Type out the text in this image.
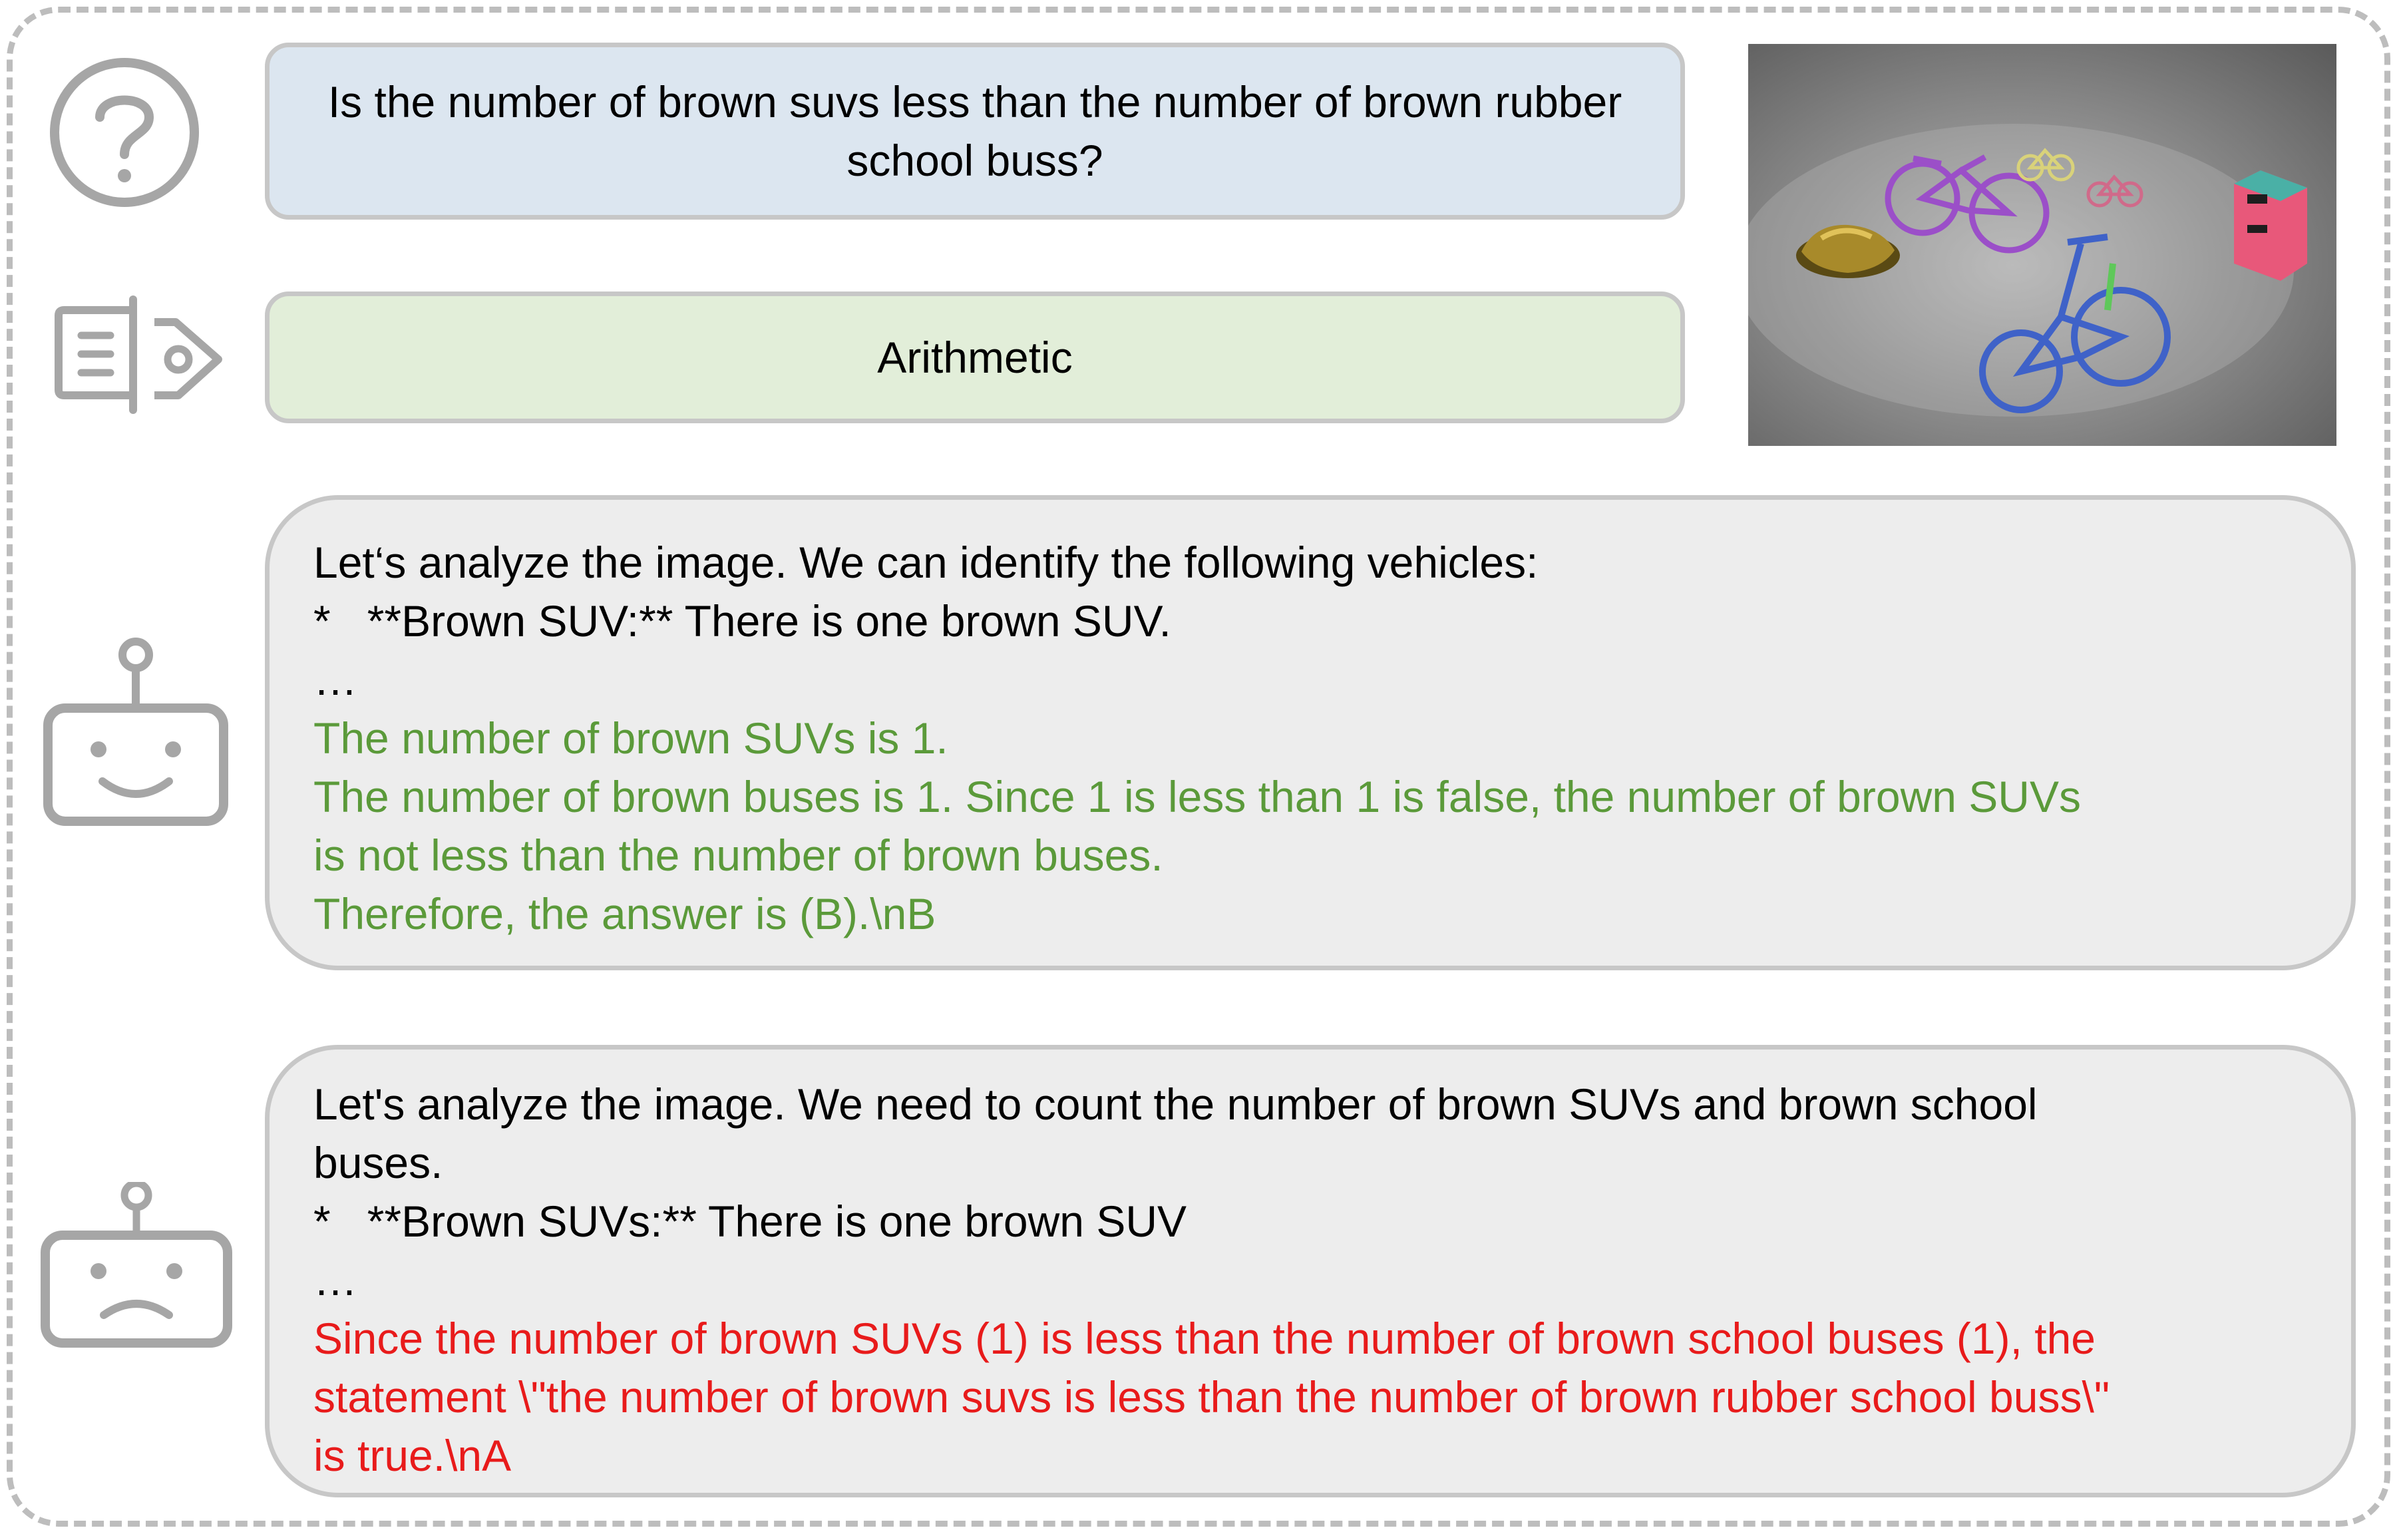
Is the number of brown suvs less than the number of brown rubber school buss?
Arithmetic
Let‘s analyze the image. We can identify the following vehicles:
*   **Brown SUV:** There is one brown SUV.
…
The number of brown SUVs is 1.
The number of brown buses is 1. Since 1 is less than 1 is false, the number of brown SUVs
is not less than the number of brown buses.
Therefore, the answer is (B).\nB
Let's analyze the image. We need to count the number of brown SUVs and brown school
buses.
*   **Brown SUVs:** There is one brown SUV
…
Since the number of brown SUVs (1) is less than the number of brown school buses (1), the
statement \"the number of brown suvs is less than the number of brown rubber school buss\"
is true.\nA
